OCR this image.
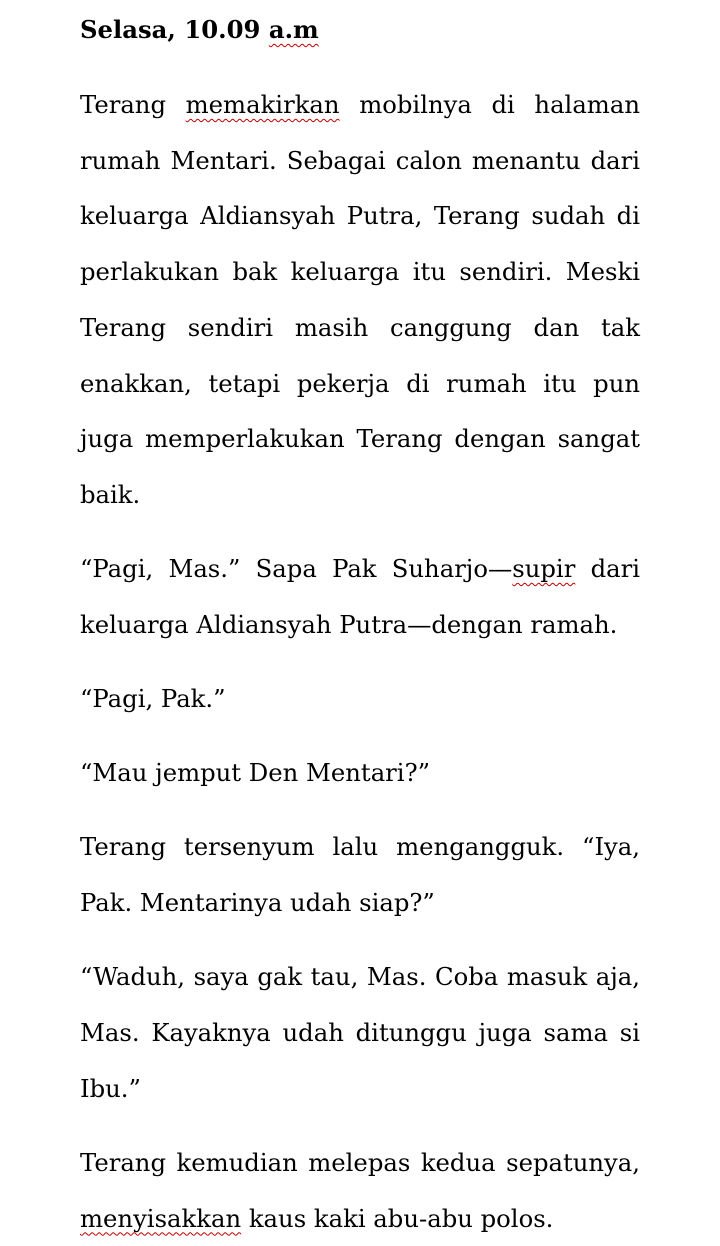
Selasa, 10.09 a.m

Terang memakirkan mobilnya di halaman rumah Mentari. Sebagai calon menantu dari keluarga Aldiansyah Putra, Terang sudah di perlakukan bak keluarga itu sendiri. Meski Terang sendiri masih canggung dan tak enakkan, tetapi pekerja di rumah itu pun juga memperlakukan Terang dengan sangat baik.

“Pagi, Mas.” Sapa Pak Suharjo—supir dari keluarga Aldiansyah Putra—dengan ramah.

“Pagi, Pak.”

“Mau jemput Den Mentari?”

Terang tersenyum lalu mengangguk. “Iya, Pak. Mentarinya udah siap?”

“Waduh, saya gak tau, Mas. Coba masuk aja, Mas. Kayaknya udah ditunggu juga sama si Ibu.”

Terang kemudian melepas kedua sepatunya, menyisakkan kaus kaki abu-abu polos.
